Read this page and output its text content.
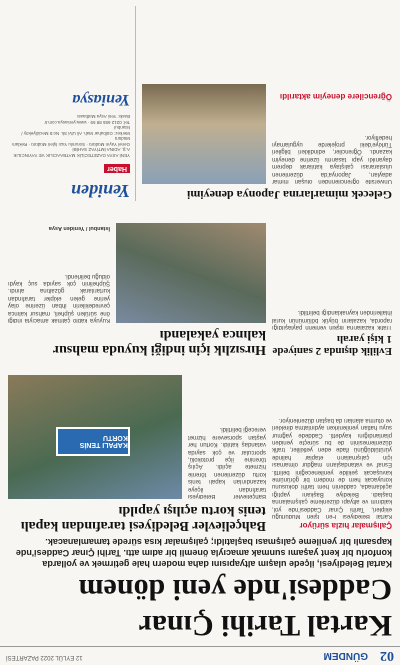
02
GÜNDEM
12 EYLÜL 2022 PAZARTESİ
Kartal Tarihi Çınar
Caddesi'nde yeni dönem
Kartal Belediyesi, ilçede ulaşım altyapısını daha modern hale getirmek ve yollarda konforlu bir kent yaşamı sunmak amacıyla önemli bir adım attı. Tarihi Çınar Caddesi'nde kapsamlı bir yenileme çalışması başlatıldı; çalışmalar kısa sürede tamamlanacak.
Çalışmalar hızla sürüyor
Kartal Belediyesi Fen İşleri Müdürlüğü ekipleri, Tarihi Çınar Caddesi'nde yol, kaldırım ve altyapı düzenleme çalışmalarına başladı. Belediye Başkanı yaptığı açıklamada, caddenin hem tarihi dokusunu koruyacak hem de modern bir görünüme kavuşacak şekilde yenileneceğini belirtti. Esnaf ve vatandaşların mağdur olmaması için çalışmaların etaplar halinde yürütüldüğünü ifade eden yetkililer, trafik düzenlemesinin de bu süreçte yeniden planlandığını kaydetti. Caddede yağmur suyu hatları yenilenirken aydınlatma direkleri ve oturma alanları da baştan düzenleniyor.
Bahçelievler Belediyesi tarafından kapalı tenis kortu açılışı yapıldı
Bahçelievler Belediyesi tarafından ilçeye kazandırılan kapalı tenis kortu düzenlenen törenle hizmete açıldı. Açılış törenine ilçe protokolü, sporcular ve çok sayıda vatandaş katıldı. Kortun her yaştan sporsevere hizmet vereceği belirtildi.
KAPALI TENİS KORTU
Evlilik dışında 2 saniyede 1 kişi yaralı
Trafik kazalarına ilişkin verilerin paylaşıldığı raporda, kazaların büyük bölümünün kural ihlallerinden kaynaklandığı belirtildi.
Hırsızlık için indiği kuyuda mahsur kalınca yakalandı
Kuyuya kablo çalmak amacıyla indiği öne sürülen şüpheli, mahsur kalınca çevredekilerin ihbarı üzerine olay yerine gelen ekipler tarafından kurtarılarak gözaltına alındı. Şüphelinin çok sayıda suç kaydı olduğu belirlendi.
İstanbul / Yeniden Asya
Gelecek mimarlarına Japonya deneyimi
Üniversite öğrencilerinden oluşan mimar adayları, Japonya'da düzenlenen uluslararası çalıştaya katılarak deprem dayanıklı yapı tasarımı üzerine deneyim kazandı. Öğrenciler, edindikleri bilgileri Türkiye'deki projelerde uygulamayı hedefliyor.
Öğrencilere deneyim aktarıldı
Yeniden
Haber
YENİ ASYA GAZETECİLİK MATBAACILIK VE YAYINCILIK A.Ş. ADINA İMTİYAZ SAHİBİ
Genel Yayın Müdürü · Sorumlu Yazı İşleri Müdürü · Reklam Müdürü
Merkez: Gülbahar Mah. Ali Ulvi Sk. No:5 Mecidiyeköy / İstanbul
Tel: 0212 655 88 59 · www.yeniasya.com.tr
Baskı: Yeni Asya Matbaası
Yeniasya
